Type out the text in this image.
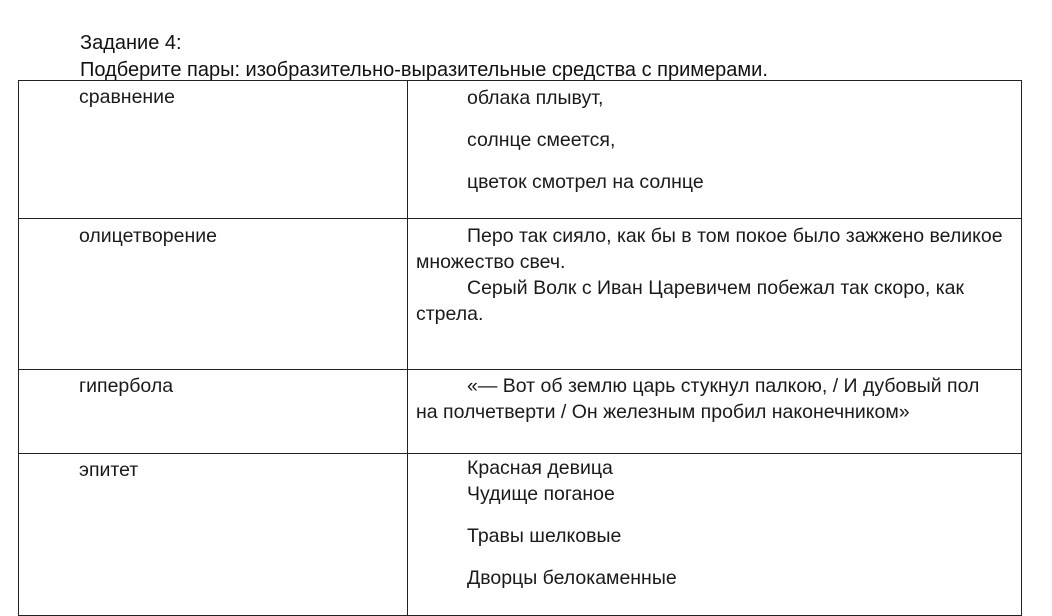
Задание 4:
Подберите пары: изобразительно-выразительные средства с примерами.
сравнение	облака плывут,

солнце смеется,

цветок смотрел на солнце

олицетворение	Перо так сияло, как бы в том покое было зажжено великое множество свеч.

Серый Волк с Иван Царевичем побежал так скоро, как стрела.

гипербола	«— Вот об землю царь стукнул палкою, / И дубовый пол на полчетверти / Он железным пробил наконечником»

эпитет	Красная девица

Чудище поганое

Травы шелковые

Дворцы белокаменные
